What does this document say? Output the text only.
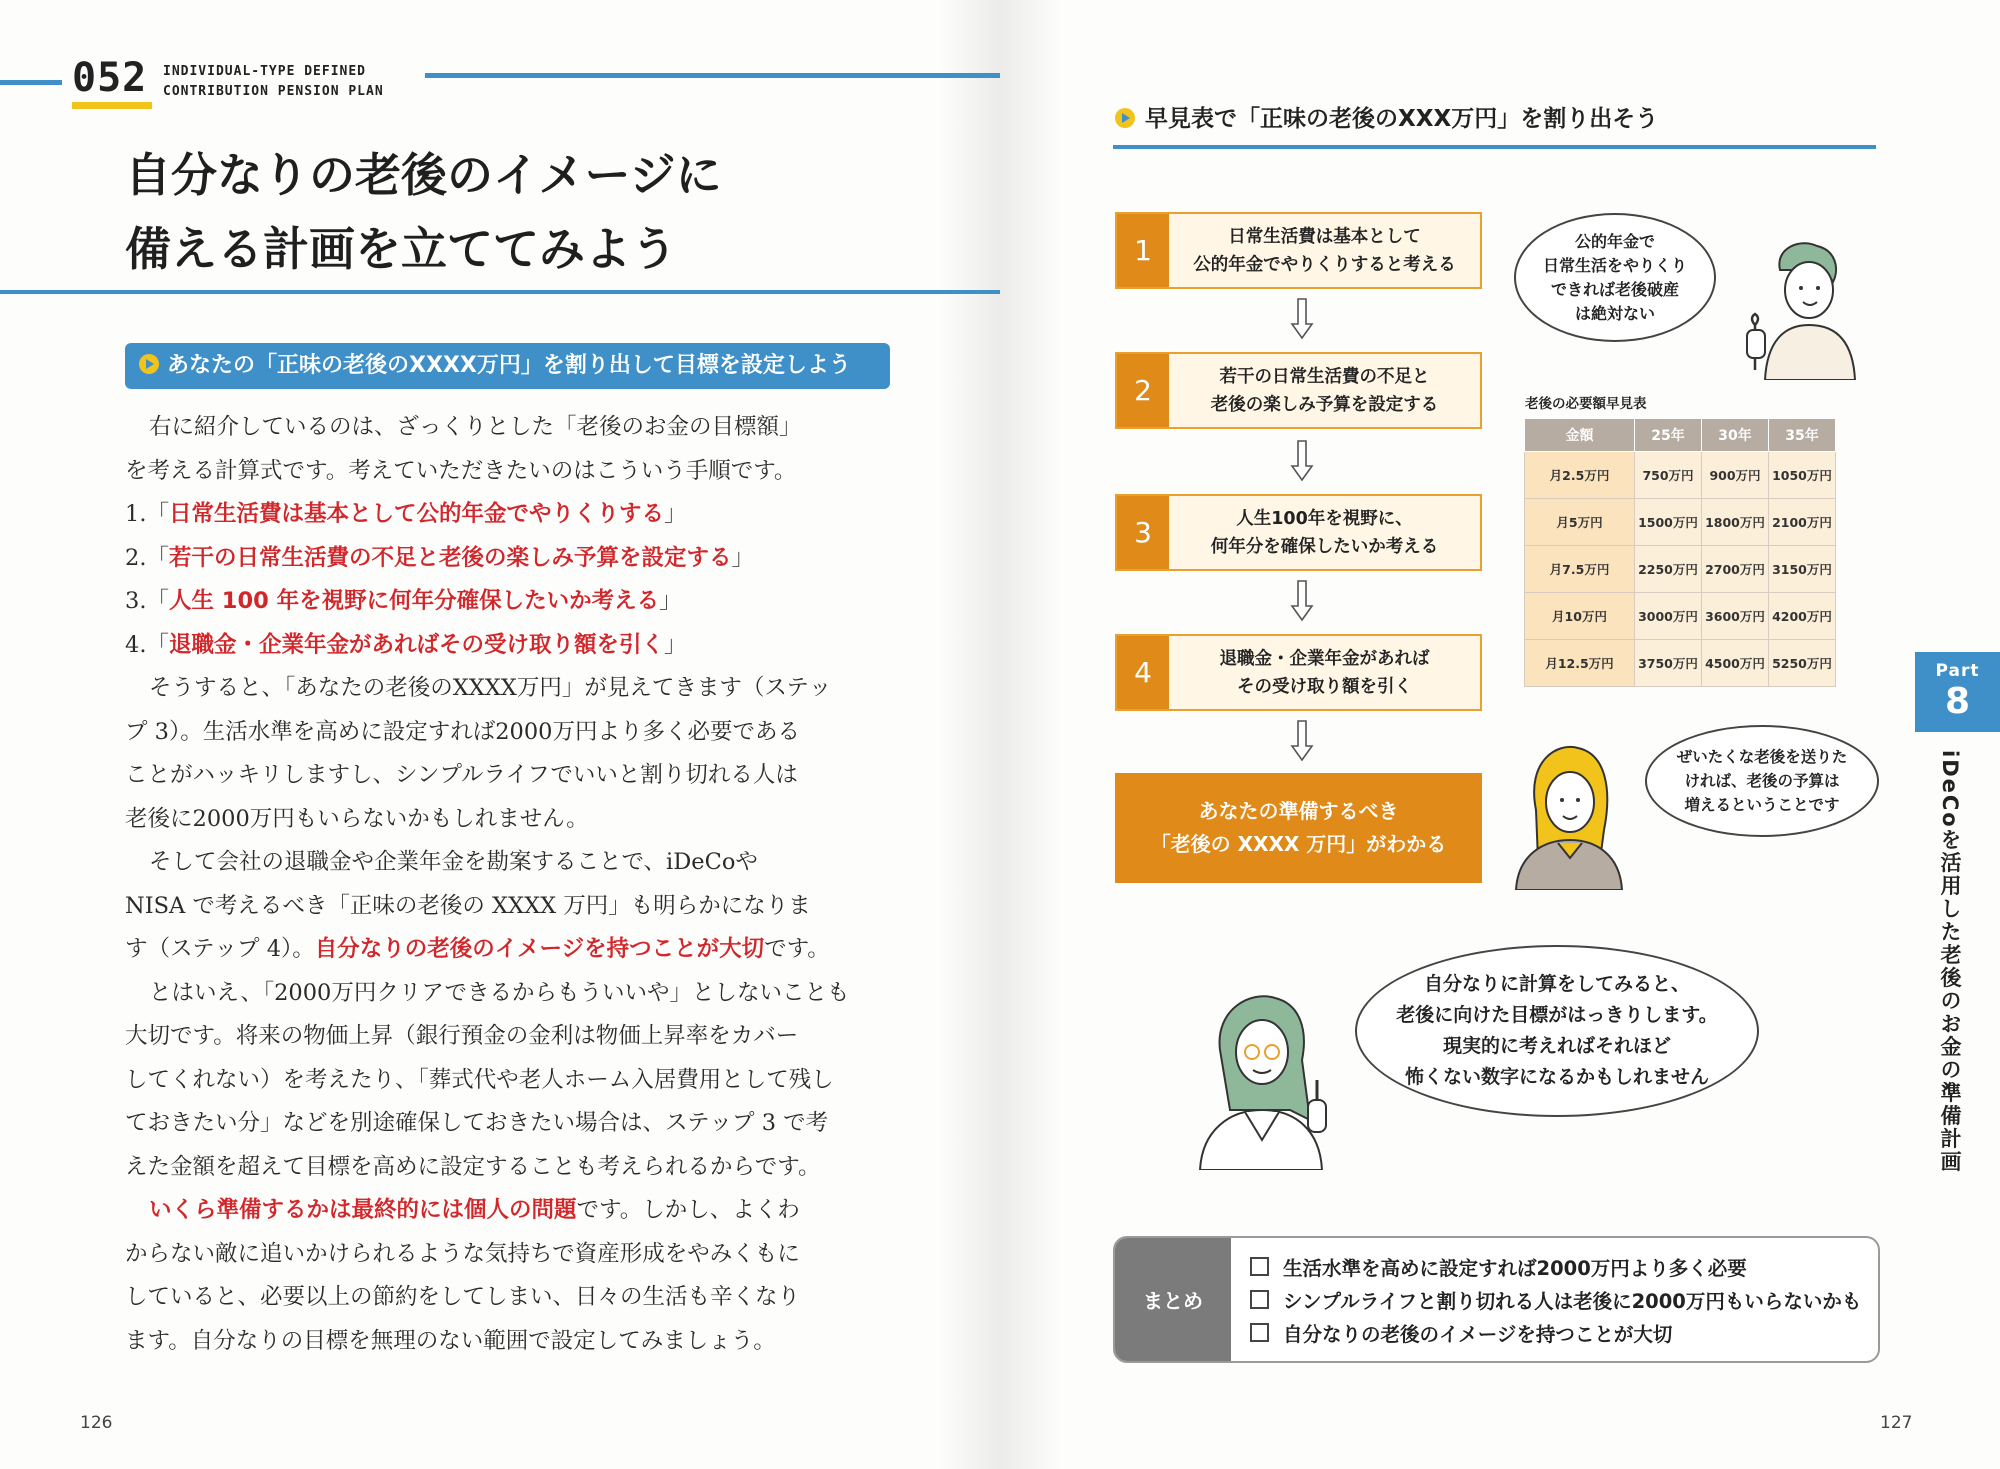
052 INDIVIDUAL-TYPE DEFINED
CONTRIBUTION PENSION PLAN
自分なりの老後のイメージに
備える計画を立ててみよう
あなたの「正味の老後のXXXX万円」を割り出して目標を設定しよう

右に紹介しているのは、ざっくりとした「老後のお金の目標額」

を考える計算式です。考えていただきたいのはこういう手順です。

1.「日常生活費は基本として公的年金でやりくりする」

2.「若干の日常生活費の不足と老後の楽しみ予算を設定する」

3.「人生 100 年を視野に何年分確保したいか考える」

4.「退職金・企業年金があればその受け取り額を引く」

そうすると、「あなたの老後のXXXX万円」が見えてきます（ステッ

プ 3）。生活水準を高めに設定すれば2000万円より多く必要である

ことがハッキリしますし、シンプルライフでいいと割り切れる人は

老後に2000万円もいらないかもしれません。

そして会社の退職金や企業年金を勘案することで、iDeCoや

NISA で考えるべき「正味の老後の XXXX 万円」も明らかになりま

す（ステップ 4）。自分なりの老後のイメージを持つことが大切です。

とはいえ、「2000万円クリアできるからもういいや」としないことも

大切です。将来の物価上昇（銀行預金の金利は物価上昇率をカバー

してくれない）を考えたり、「葬式代や老人ホーム入居費用として残し

ておきたい分」などを別途確保しておきたい場合は、ステップ 3 で考

えた金額を超えて目標を高めに設定することも考えられるからです。

いくら準備するかは最終的には個人の問題です。しかし、よくわ

からない敵に追いかけられるような気持ちで資産形成をやみくもに

していると、必要以上の節約をしてしまい、日々の生活も辛くなり

ます。自分なりの目標を無理のない範囲で設定してみましょう。

126
早見表で「正味の老後のXXX万円」を割り出そう
1	日常生活費は基本として
公的年金でやりくりすると考える
2	若干の日常生活費の不足と
老後の楽しみ予算を設定する
3	人生100年を視野に、
何年分を確保したいか考える
4	退職金・企業年金があれば
その受け取り額を引く
あなたの準備するべき
「老後の XXXX 万円」がわかる
公的年金で
日常生活をやりくり
できれば老後破産
は絶対ない
老後の必要額早見表
金額	25年	30年	35年
月2.5万円	750万円	900万円	1050万円
月5万円	1500万円	1800万円	2100万円
月7.5万円	2250万円	2700万円	3150万円
月10万円	3000万円	3600万円	4200万円
月12.5万円	3750万円	4500万円	5250万円
ぜいたくな老後を送りた
ければ、老後の予算は
増えるということです
Part
8
iDeCoを活用した老後のお金の準備計画
自分なりに計算をしてみると、
老後に向けた目標がはっきりします。
現実的に考えればそれほど
怖くない数字になるかもしれません
まとめ
生活水準を高めに設定すれば2000万円より多く必要
シンプルライフと割り切れる人は老後に2000万円もいらないかも
自分なりの老後のイメージを持つことが大切
127
